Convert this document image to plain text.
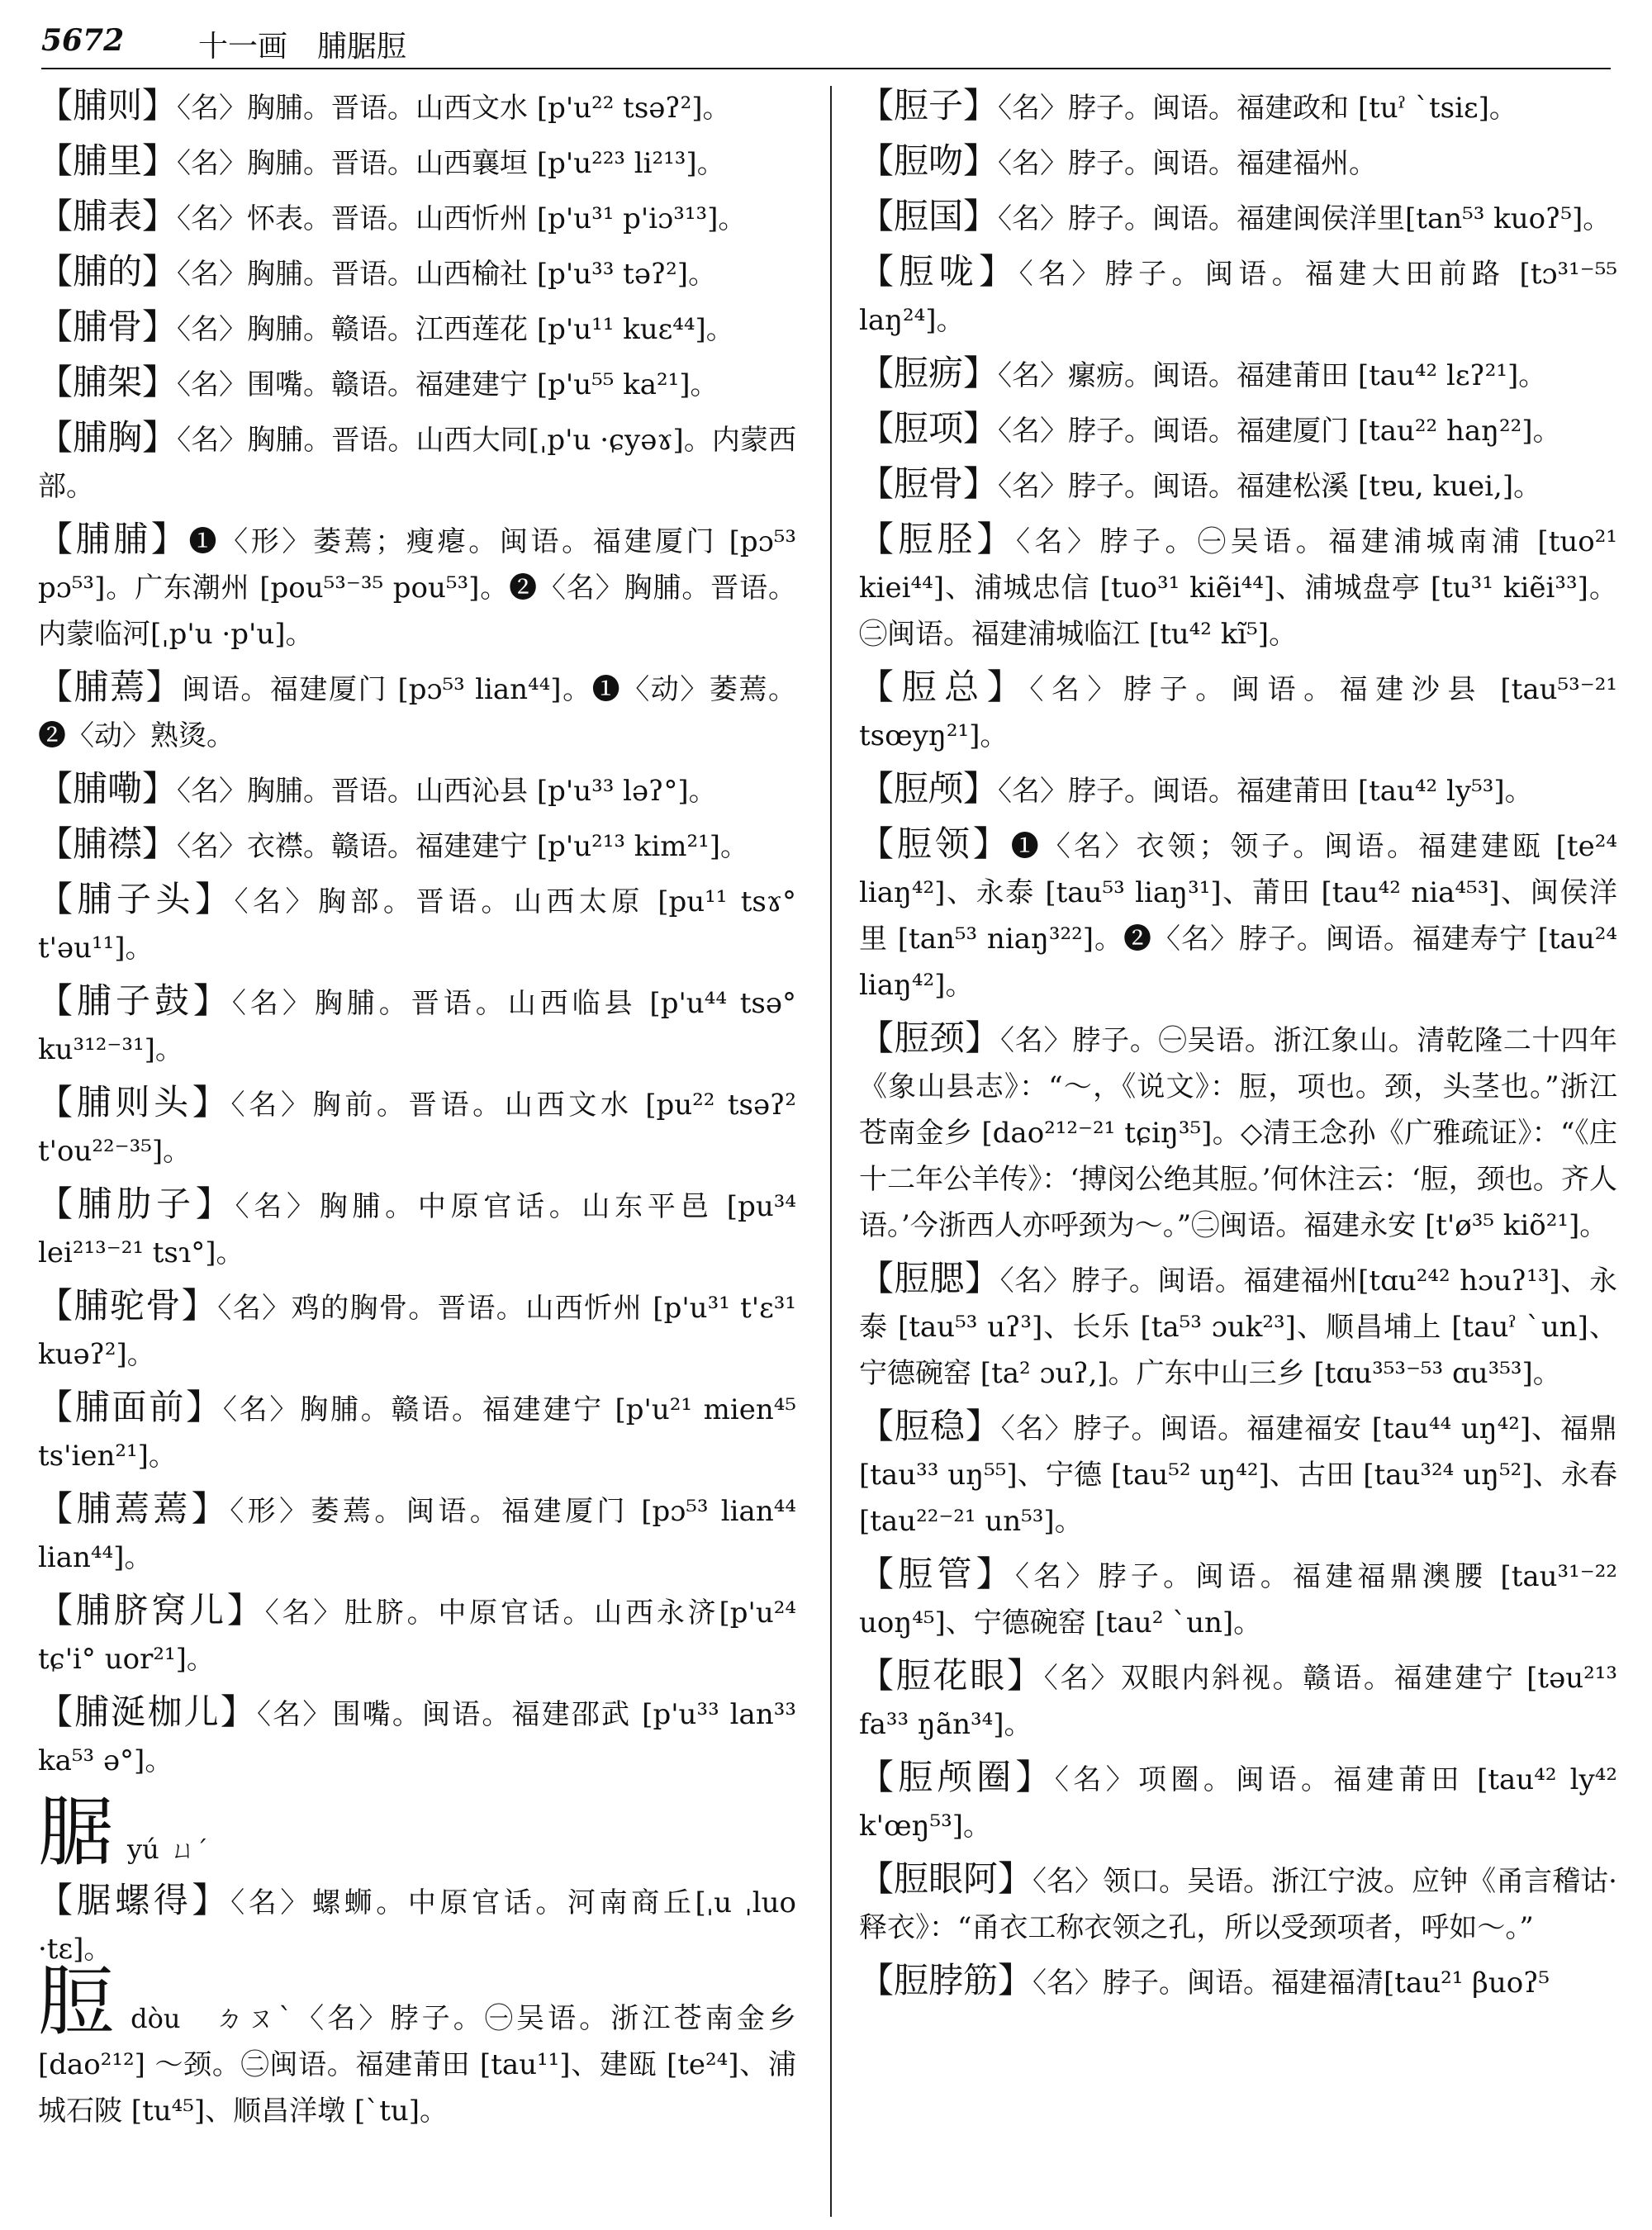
5672 十一画　脯腒脰
【脯则】〈名〉胸脯。晋语。山西文水 [p'u²² tsəʔ²]。
【脯里】〈名〉胸脯。晋语。山西襄垣 [p'u²²³ li²¹³]。
【脯表】〈名〉怀表。晋语。山西忻州 [p'u³¹ p'iɔ³¹³]。
【脯的】〈名〉胸脯。晋语。山西榆社 [p'u³³ təʔ²]。
【脯骨】〈名〉胸脯。赣语。江西莲花 [p'u¹¹ kuɛ⁴⁴]。
【脯架】〈名〉围嘴。赣语。福建建宁 [p'u⁵⁵ ka²¹]。
【脯胸】〈名〉胸脯。晋语。山西大同[ˌp'u ·ɕyəɤ]。内蒙西部。
【脯脯】❶〈形〉萎蔫；瘦瘪。闽语。福建厦门 [pɔ⁵³ pɔ⁵³]。广东潮州 [pou⁵³⁻³⁵ pou⁵³]。❷〈名〉胸脯。晋语。内蒙临河[ˌp'u ·p'u]。
【脯蔫】闽语。福建厦门 [pɔ⁵³ lian⁴⁴]。❶〈动〉萎蔫。❷〈动〉熟烫。
【脯嘞】〈名〉胸脯。晋语。山西沁县 [p'u³³ ləʔ°]。
【脯襟】〈名〉衣襟。赣语。福建建宁 [p'u²¹³ kim²¹]。
【脯子头】〈名〉胸部。晋语。山西太原 [pu¹¹ tsɤ° t'əu¹¹]。
【脯子鼓】〈名〉胸脯。晋语。山西临县 [p'u⁴⁴ tsə° ku³¹²⁻³¹]。
【脯则头】〈名〉胸前。晋语。山西文水 [pu²² tsəʔ² t'ou²²⁻³⁵]。
【脯肋子】〈名〉胸脯。中原官话。山东平邑 [pu³⁴ lei²¹³⁻²¹ tsɿ°]。
【脯驼骨】〈名〉鸡的胸骨。晋语。山西忻州 [p'u³¹ t'ɛ³¹ kuəʔ²]。
【脯面前】〈名〉胸脯。赣语。福建建宁 [p'u²¹ mien⁴⁵ ts'ien²¹]。
【脯蔫蔫】〈形〉萎蔫。闽语。福建厦门 [pɔ⁵³ lian⁴⁴ lian⁴⁴]。
【脯脐窝儿】〈名〉肚脐。中原官话。山西永济[p'u²⁴ tɕ'i° uor²¹]。
【脯涎枷儿】〈名〉围嘴。闽语。福建邵武 [p'u³³ lan³³ ka⁵³ ə°]。
腒yú ㄩˊ
【腒螺得】〈名〉螺蛳。中原官话。河南商丘[ˌu ˌluo ·tɛ]。
脰dòu　 ㄉㄡˋ〈名〉脖子。㊀吴语。浙江苍南金乡 [dao²¹²] ～颈。㊁闽语。福建莆田 [tau¹¹]、建瓯 [te²⁴]、浦城石陂 [tu⁴⁵]、顺昌洋墩 [ˋtu]。
【脰子】〈名〉脖子。闽语。福建政和 [tuˀ ˋtsiɛ]。
【脰吻】〈名〉脖子。闽语。福建福州。
【脰国】〈名〉脖子。闽语。福建闽侯洋里[tan⁵³ kuoʔ⁵]。
【脰咙】〈名〉脖子。闽语。福建大田前路 [tɔ³¹⁻⁵⁵ laŋ²⁴]。
【脰疬】〈名〉瘰疬。闽语。福建莆田 [tau⁴² lɛʔ²¹]。
【脰项】〈名〉脖子。闽语。福建厦门 [tau²² haŋ²²]。
【脰骨】〈名〉脖子。闽语。福建松溪 [tɐu, kuei,]。
【脰胫】〈名〉脖子。㊀吴语。福建浦城南浦 [tuo²¹ kiei⁴⁴]、浦城忠信 [tuo³¹ kiẽi⁴⁴]、浦城盘亭 [tu³¹ kiẽi³³]。㊁闽语。福建浦城临江 [tu⁴² kĩ⁵]。
【脰总】〈名〉脖子。闽语。福建沙县 [tau⁵³⁻²¹ tsœyŋ²¹]。
【脰颅】〈名〉脖子。闽语。福建莆田 [tau⁴² ly⁵³]。
【脰领】❶〈名〉衣领；领子。闽语。福建建瓯 [te²⁴ liaŋ⁴²]、永泰 [tau⁵³ liaŋ³¹]、莆田 [tau⁴² nia⁴⁵³]、闽侯洋里 [tan⁵³ niaŋ³²²]。❷〈名〉脖子。闽语。福建寿宁 [tau²⁴ liaŋ⁴²]。
【脰颈】〈名〉脖子。㊀吴语。浙江象山。清乾隆二十四年《象山县志》：“～，《说文》：脰，项也。颈，头茎也。”浙江苍南金乡 [dao²¹²⁻²¹ tɕiŋ³⁵]。◇清王念孙《广雅疏证》：“《庄十二年公羊传》：‘搏闵公绝其脰。’何休注云：‘脰，颈也。齐人语。’今浙西人亦呼颈为～。”㊁闽语。福建永安 [t'ø³⁵ kiõ²¹]。
【脰腮】〈名〉脖子。闽语。福建福州[tɑu²⁴² hɔuʔ¹³]、永泰 [tau⁵³ uʔ³]、长乐 [ta⁵³ ɔuk²³]、顺昌埔上 [tauˀ ˋun]、宁德碗窑 [ta² ɔuʔ,]。广东中山三乡 [tɑu³⁵³⁻⁵³ ɑu³⁵³]。
【脰稳】〈名〉脖子。闽语。福建福安 [tau⁴⁴ uŋ⁴²]、福鼎 [tau³³ uŋ⁵⁵]、宁德 [tau⁵² uŋ⁴²]、古田 [tau³²⁴ uŋ⁵²]、永春 [tau²²⁻²¹ un⁵³]。
【脰管】〈名〉脖子。闽语。福建福鼎澳腰 [tau³¹⁻²² uoŋ⁴⁵]、宁德碗窑 [tau² ˋun]。
【脰花眼】〈名〉双眼内斜视。赣语。福建建宁 [təu²¹³ fa³³ ŋãn³⁴]。
【脰颅圈】〈名〉项圈。闽语。福建莆田 [tau⁴² ly⁴² k'œŋ⁵³]。
【脰眼阿】〈名〉领口。吴语。浙江宁波。应钟《甬言稽诂·释衣》：“甬衣工称衣领之孔，所以受颈项者，呼如～。”
【脰脖筋】〈名〉脖子。闽语。福建福清[tau²¹ βuoʔ⁵
